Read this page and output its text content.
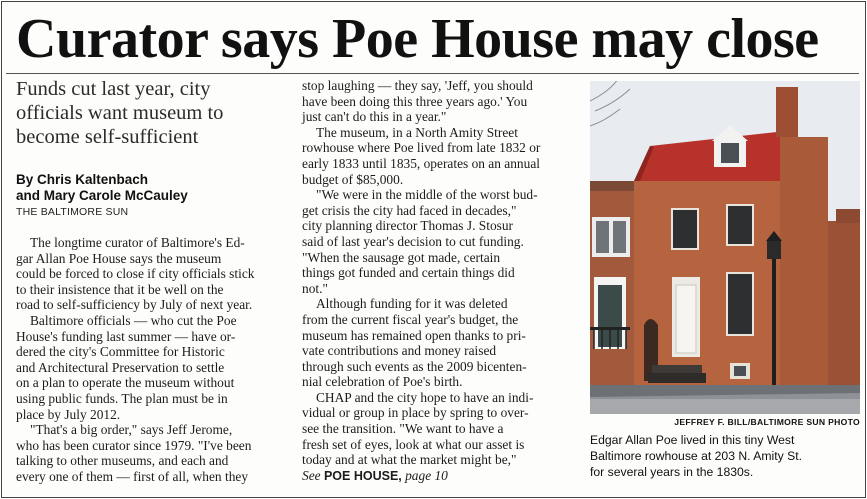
Curator says Poe House may close
Funds cut last year, city
officials want museum to
become self-sufficient
By Chris Kaltenbach
and Mary Carole McCauley
THE BALTIMORE SUN
The longtime curator of Baltimore's Ed-
gar Allan Poe House says the museum
could be forced to close if city officials stick
to their insistence that it be well on the
road to self-sufficiency by July of next year.
Baltimore officials — who cut the Poe
House's funding last summer — have or-
dered the city's Committee for Historic
and Architectural Preservation to settle
on a plan to operate the museum without
using public funds. The plan must be in
place by July 2012.
"That's a big order," says Jeff Jerome,
who has been curator since 1979. "I've been
talking to other museums, and each and
every one of them — first of all, when they
stop laughing — they say, 'Jeff, you should
have been doing this three years ago.' You
just can't do this in a year."
The museum, in a North Amity Street
rowhouse where Poe lived from late 1832 or
early 1833 until 1835, operates on an annual
budget of $85,000.
"We were in the middle of the worst bud-
get crisis the city had faced in decades,"
city planning director Thomas J. Stosur
said of last year's decision to cut funding.
"When the sausage got made, certain
things got funded and certain things did
not."
Although funding for it was deleted
from the current fiscal year's budget, the
museum has remained open thanks to pri-
vate contributions and money raised
through such events as the 2009 bicenten-
nial celebration of Poe's birth.
CHAP and the city hope to have an indi-
vidual or group in place by spring to over-
see the transition. "We want to have a
fresh set of eyes, look at what our asset is
today and at what the market might be,"
See POE HOUSE, page 10
JEFFREY F. BILL/BALTIMORE SUN PHOTO
Edgar Allan Poe lived in this tiny West
Baltimore rowhouse at 203 N. Amity St.
for several years in the 1830s.
